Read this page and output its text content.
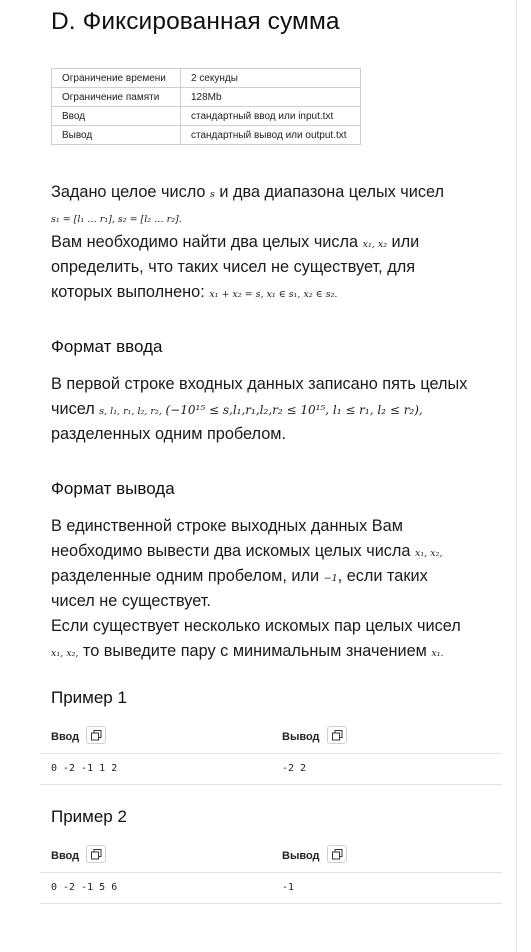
D. Фиксированная сумма
Ограничение времени	2 секунды
Ограничение памяти	128Mb
Ввод	стандартный ввод или input.txt
Вывод	стандартный вывод или output.txt
Задано целое число s и два диапазона целых чисел
s₁ = [l₁ … r₁], s₂ = [l₂ … r₂].
Вам необходимо найти два целых числа x₁, x₂ или
определить, что таких чисел не существует, для
которых выполнено: x₁ + x₂ = s, x₁ ∈ s₁, x₂ ∈ s₂.
Формат ввода
В первой строке входных данных записано пять целых
чисел s, l₁, r₁, l₂, r₂, (−10¹⁵ ≤ s,l₁,r₁,l₂,r₂ ≤ 10¹⁵, l₁ ≤ r₁, l₂ ≤ r₂),
разделенных одним пробелом.
Формат вывода
В единственной строке выходных данных Вам
необходимо вывести два искомых целых числа x₁, x₂,
разделенные одним пробелом, или −1, если таких
чисел не существует.
Если существует несколько искомых пар целых чисел
x₁, x₂, то выведите пару с минимальным значением x₁.
Пример 1
Ввод	Вывод
0 -2 -1 1 2	-2 2
Пример 2
Ввод	Вывод
0 -2 -1 5 6	-1
